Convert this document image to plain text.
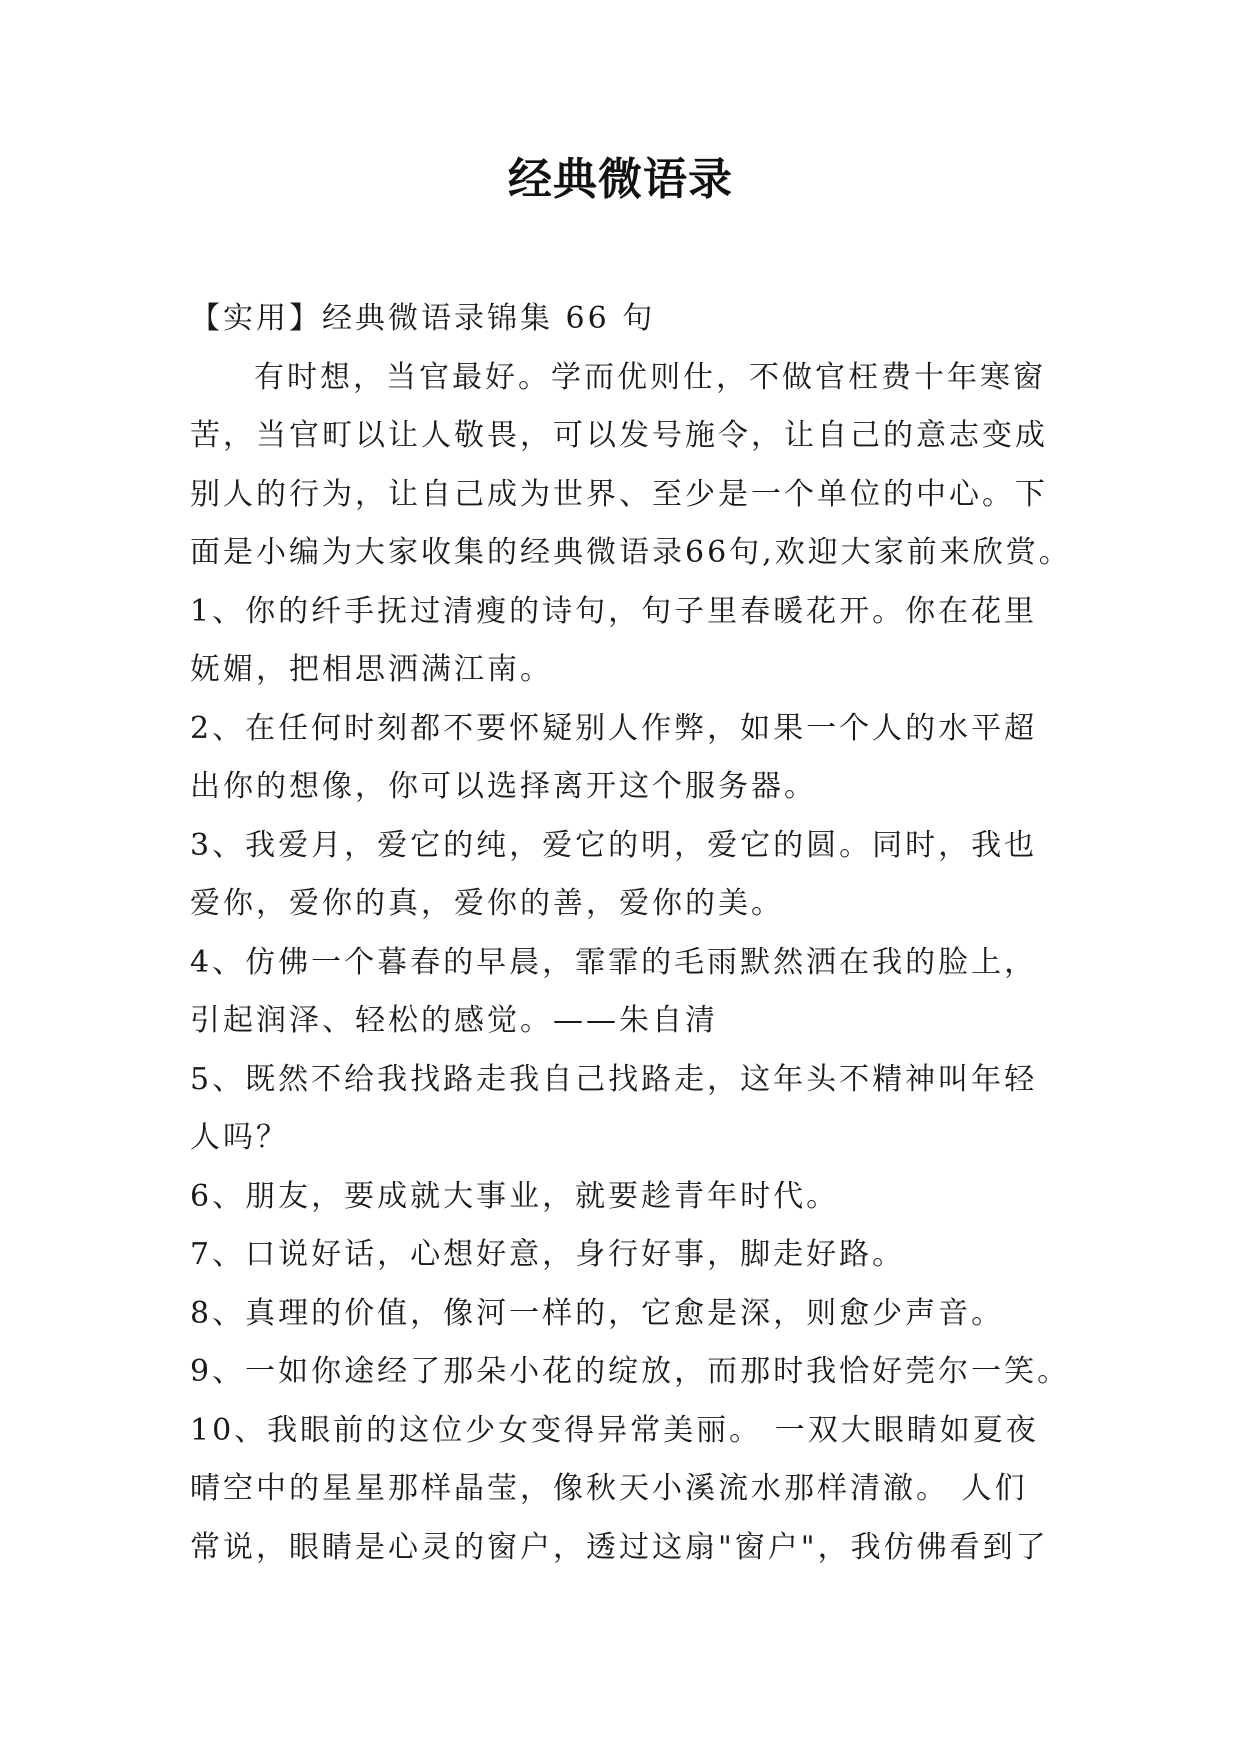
经典微语录
【实用】经典微语录锦集 66 句
有时想，当官最好。学而优则仕，不做官枉费十年寒窗
苦，当官町以让人敬畏，可以发号施令，让自己的意志变成
别人的行为，让自己成为世界、至少是一个单位的中心。下
面是小编为大家收集的经典微语录66句,欢迎大家前来欣赏。
1、你的纤手抚过清瘦的诗句，句子里春暖花开。你在花里
妩媚，把相思洒满江南。
2、在任何时刻都不要怀疑别人作弊，如果一个人的水平超
出你的想像，你可以选择离开这个服务器。
3、我爱月，爱它的纯，爱它的明，爱它的圆。同时，我也
爱你，爱你的真，爱你的善，爱你的美。
4、仿佛一个暮春的早晨，霏霏的毛雨默然洒在我的脸上，
引起润泽、轻松的感觉。——朱自清
5、既然不给我找路走我自己找路走，这年头不精神叫年轻
人吗？
6、朋友，要成就大事业，就要趁青年时代。
7、口说好话，心想好意，身行好事，脚走好路。
8、真理的价值，像河一样的，它愈是深，则愈少声音。
9、一如你途经了那朵小花的绽放，而那时我恰好莞尔一笑。
10、我眼前的这位少女变得异常美丽。 一双大眼睛如夏夜
晴空中的星星那样晶莹，像秋天小溪流水那样清澈。 人们
常说，眼睛是心灵的窗户，透过这扇"窗户"，我仿佛看到了
